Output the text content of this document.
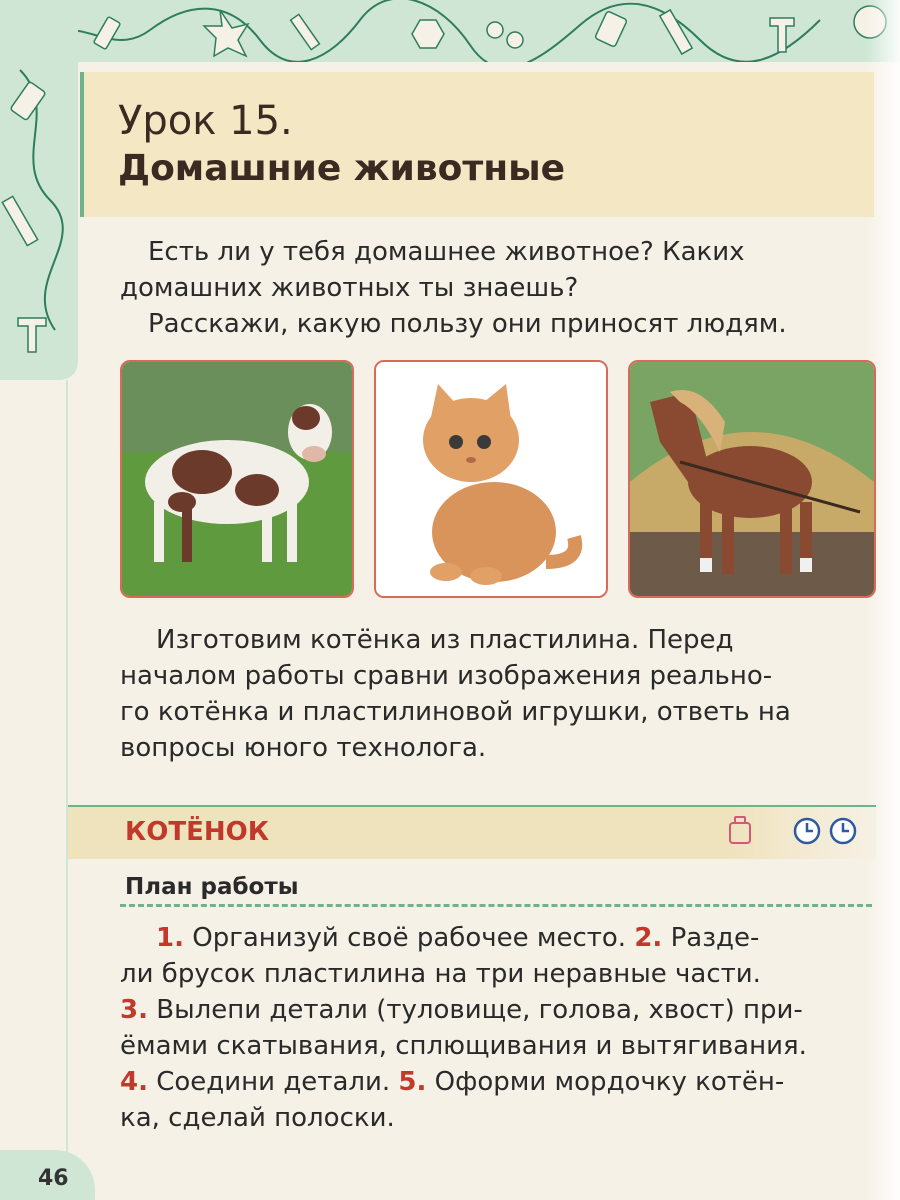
46
Урок 15.
Домашние животные

Есть ли у тебя домашнее животное? Каких
домашних животных ты знаешь?
Расскажи, какую пользу они приносят людям.

Изготовим котёнка из пластилина. Перед
началом работы сравни изображения реально-
го котёнка и пластилиновой игрушки, ответь на
вопросы юного технолога.

КОТЁНОК
План работы

1. Организуй своё рабочее место. 2. Разде-
ли брусок пластилина на три неравные части.
3. Вылепи детали (туловище, голова, хвост) при-
ёмами скатывания, сплющивания и вытягивания.
4. Соедини детали. 5. Оформи мордочку котён-
ка, сделай полоски.
